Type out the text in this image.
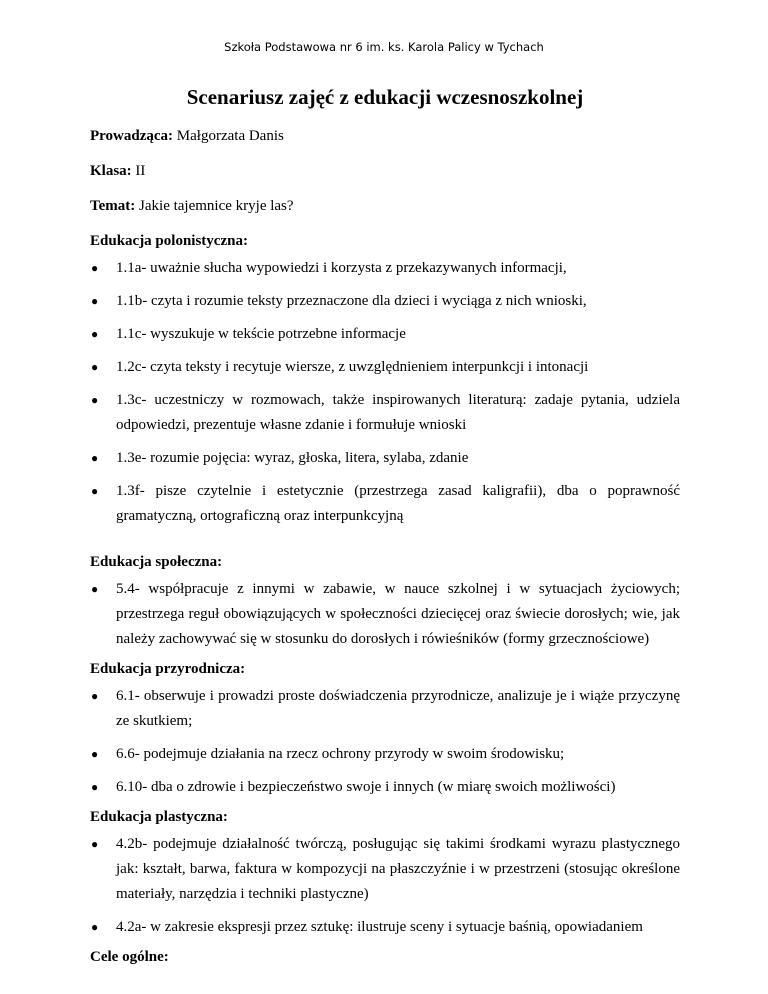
Szkoła Podstawowa nr 6 im. ks. Karola Palicy w Tychach
Scenariusz zajęć z edukacji wczesnoszkolnej
Prowadząca: Małgorzata Danis
Klasa: II
Temat: Jakie tajemnice kryje las?
Edukacja polonistyczna:
● 1.1a- uważnie słucha wypowiedzi i korzysta z przekazywanych informacji,
● 1.1b- czyta i rozumie teksty przeznaczone dla dzieci i wyciąga z nich wnioski,
● 1.1c- wyszukuje w tekście potrzebne informacje
● 1.2c- czyta teksty i recytuje wiersze, z uwzględnieniem interpunkcji i intonacji
● 1.3c- uczestniczy w rozmowach, także inspirowanych literaturą: zadaje pytania, udziela odpowiedzi, prezentuje własne zdanie i formułuje wnioski
● 1.3e- rozumie pojęcia: wyraz, głoska, litera, sylaba, zdanie
● 1.3f- pisze czytelnie i estetycznie (przestrzega zasad kaligrafii), dba o poprawność gramatyczną, ortograficzną oraz interpunkcyjną
Edukacja społeczna:
● 5.4- współpracuje z innymi w zabawie, w nauce szkolnej i w sytuacjach życiowych; przestrzega reguł obowiązujących w społeczności dziecięcej oraz świecie dorosłych; wie, jak należy zachowywać się w stosunku do dorosłych i rówieśników (formy grzecznościowe)
Edukacja przyrodnicza:
● 6.1- obserwuje i prowadzi proste doświadczenia przyrodnicze, analizuje je i wiąże przyczynę ze skutkiem;
● 6.6- podejmuje działania na rzecz ochrony przyrody w swoim środowisku;
● 6.10- dba o zdrowie i bezpieczeństwo swoje i innych (w miarę swoich możliwości)
Edukacja plastyczna:
● 4.2b- podejmuje działalność twórczą, posługując się takimi środkami wyrazu plastycznego jak: kształt, barwa, faktura w kompozycji na płaszczyźnie i w przestrzeni (stosując określone materiały, narzędzia i techniki plastyczne)
● 4.2a- w zakresie ekspresji przez sztukę: ilustruje sceny i sytuacje baśnią, opowiadaniem
Cele ogólne:
